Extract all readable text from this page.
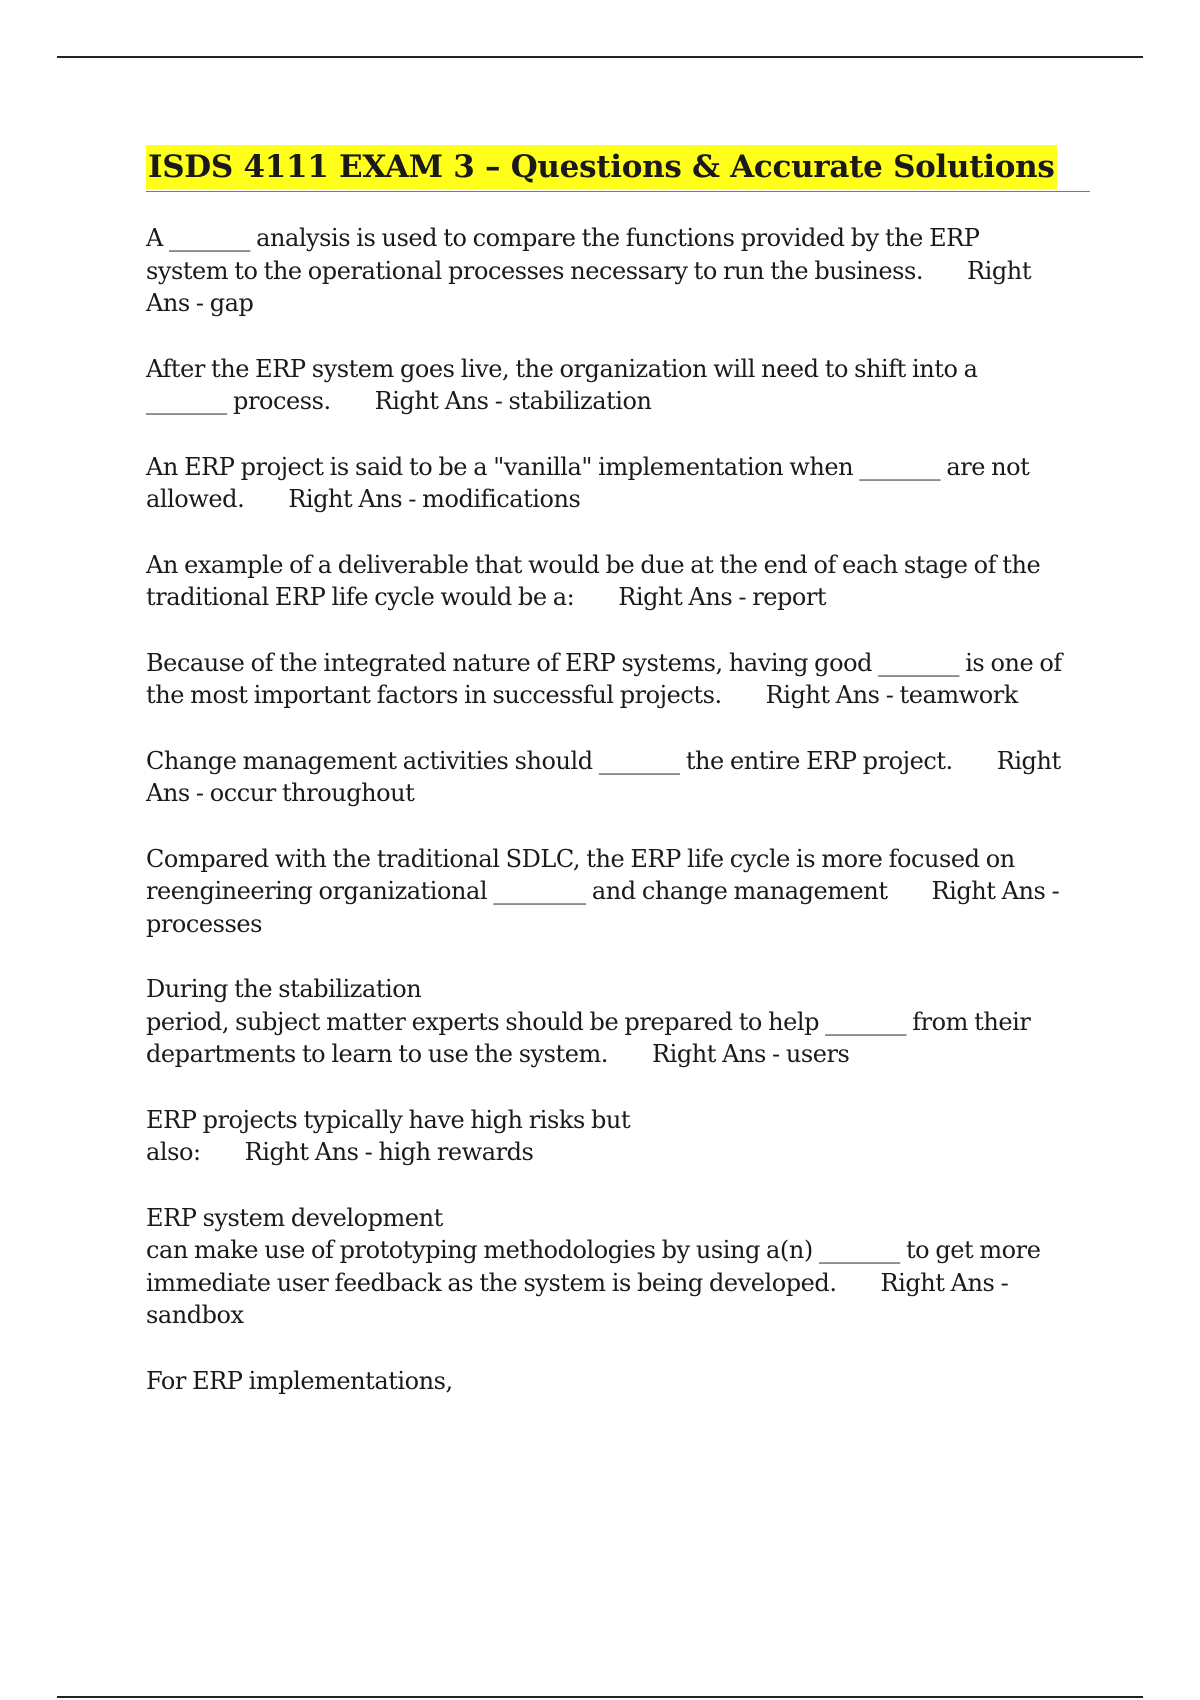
ISDS 4111 EXAM 3 – Questions & Accurate Solutions

A _______ analysis is used to compare the functions provided by the ERP
system to the operational processes necessary to run the business. Right
Ans - gap

After the ERP system goes live, the organization will need to shift into a
_______ process. Right Ans - stabilization

An ERP project is said to be a "vanilla" implementation when _______ are not
allowed. Right Ans - modifications

An example of a deliverable that would be due at the end of each stage of the
traditional ERP life cycle would be a: Right Ans - report

Because of the integrated nature of ERP systems, having good _______ is one of
the most important factors in successful projects. Right Ans - teamwork

Change management activities should _______ the entire ERP project. Right
Ans - occur throughout

Compared with the traditional SDLC, the ERP life cycle is more focused on
reengineering organizational ________ and change management Right Ans -
processes

During the stabilization
period, subject matter experts should be prepared to help _______ from their
departments to learn to use the system. Right Ans - users

ERP projects typically have high risks but
also: Right Ans - high rewards

ERP system development
can make use of prototyping methodologies by using a(n) _______ to get more
immediate user feedback as the system is being developed. Right Ans -
sandbox

For ERP implementations,
